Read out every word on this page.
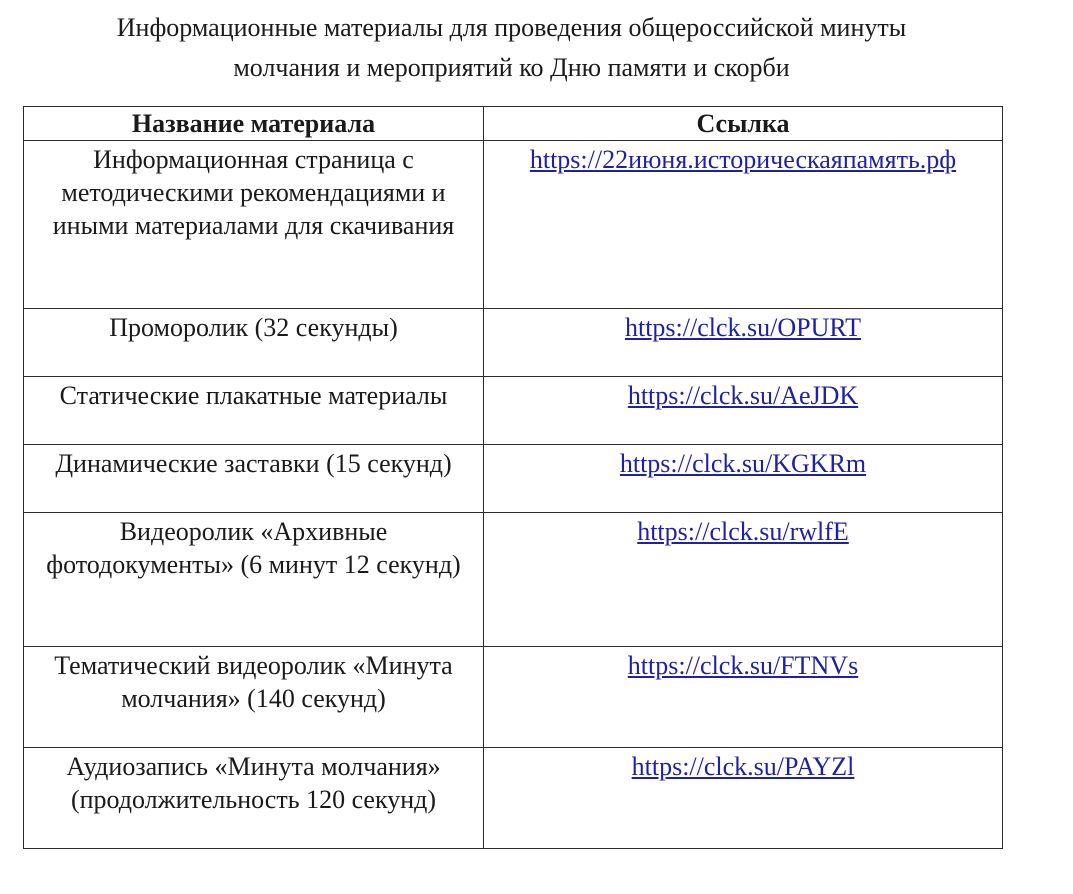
Информационные материалы для проведения общероссийской минуты
молчания и мероприятий ко Дню памяти и скорби
Название материала	Ссылка
Информационная страница с методическими рекомендациями и иными материалами для скачивания	https://22июня.историческаяпамять.рф
Проморолик (32 секунды)	https://clck.su/OPURT
Статические плакатные материалы	https://clck.su/AeJDK
Динамические заставки (15 секунд)	https://clck.su/KGKRm
Видеоролик «Архивные фотодокументы» (6 минут 12 секунд)	https://clck.su/rwlfE
Тематический видеоролик «Минута молчания» (140 секунд)	https://clck.su/FTNVs
Аудиозапись «Минута молчания» (продолжительность 120 секунд)	https://clck.su/PAYZl
